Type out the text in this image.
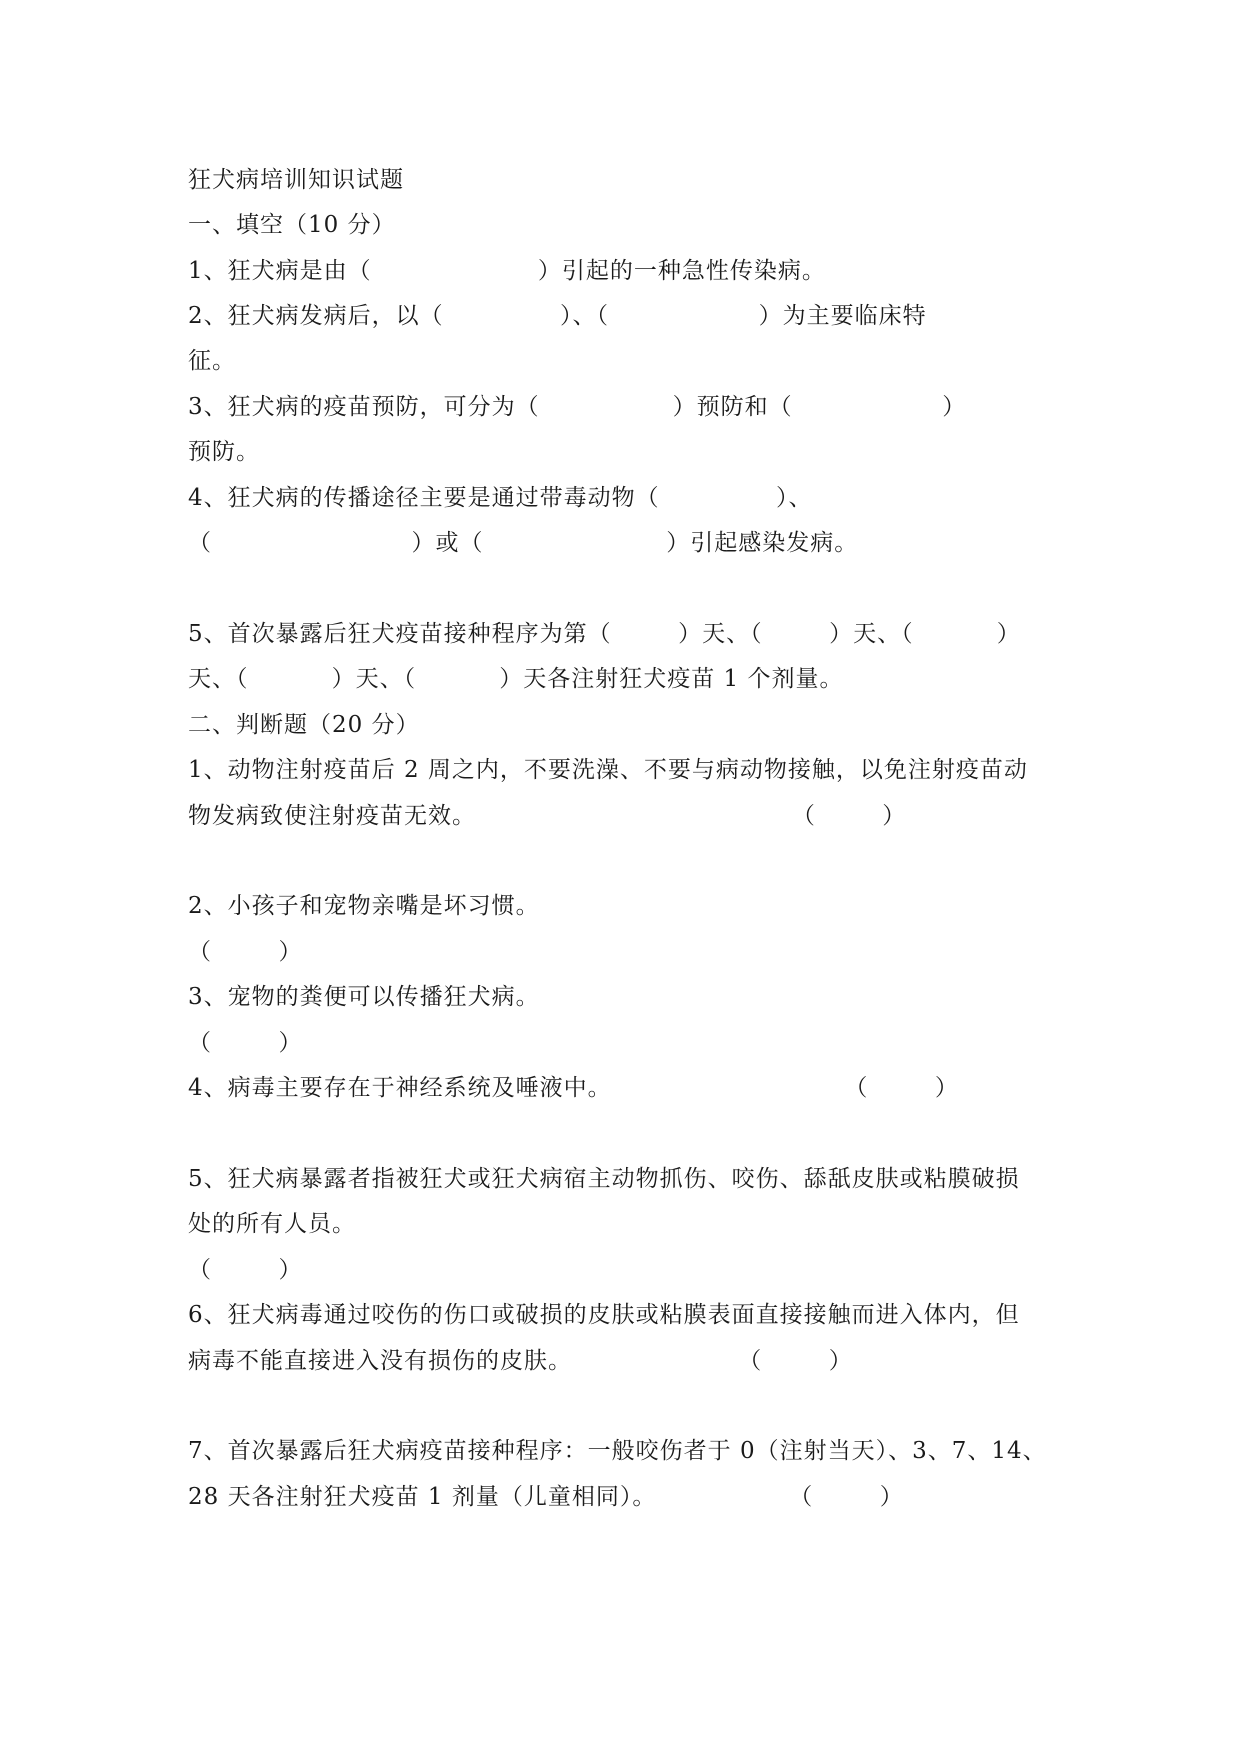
狂犬病培训知识试题
一、填空（10 分）
1、狂犬病是由（                    ）引起的一种急性传染病。
2、狂犬病发病后，以（              ）、（                  ）为主要临床特
征。
3、狂犬病的疫苗预防，可分为（                ）预防和（                  ）
预防。
4、狂犬病的传播途径主要是通过带毒动物（              ）、
（                        ）或（                      ）引起感染发病。
5、首次暴露后狂犬疫苗接种程序为第（        ）天、（        ）天、（          ）
天、（          ）天、（          ）天各注射狂犬疫苗 1 个剂量。
二、判断题（20 分）
1、动物注射疫苗后 2 周之内，不要洗澡、不要与病动物接触，以免注射疫苗动
物发病致使注射疫苗无效。                                      （        ）
2、小孩子和宠物亲嘴是坏习惯。
（        ）
3、宠物的粪便可以传播狂犬病。
（        ）
4、病毒主要存在于神经系统及唾液中。                            （        ）
5、狂犬病暴露者指被狂犬或狂犬病宿主动物抓伤、咬伤、舔舐皮肤或粘膜破损
处的所有人员。
（        ）
6、狂犬病毒通过咬伤的伤口或破损的皮肤或粘膜表面直接接触而进入体内，但
病毒不能直接进入没有损伤的皮肤。                    （        ）
7、首次暴露后狂犬病疫苗接种程序：一般咬伤者于 0（注射当天）、3、7、14、
28 天各注射狂犬疫苗 1 剂量（儿童相同）。                （        ）
